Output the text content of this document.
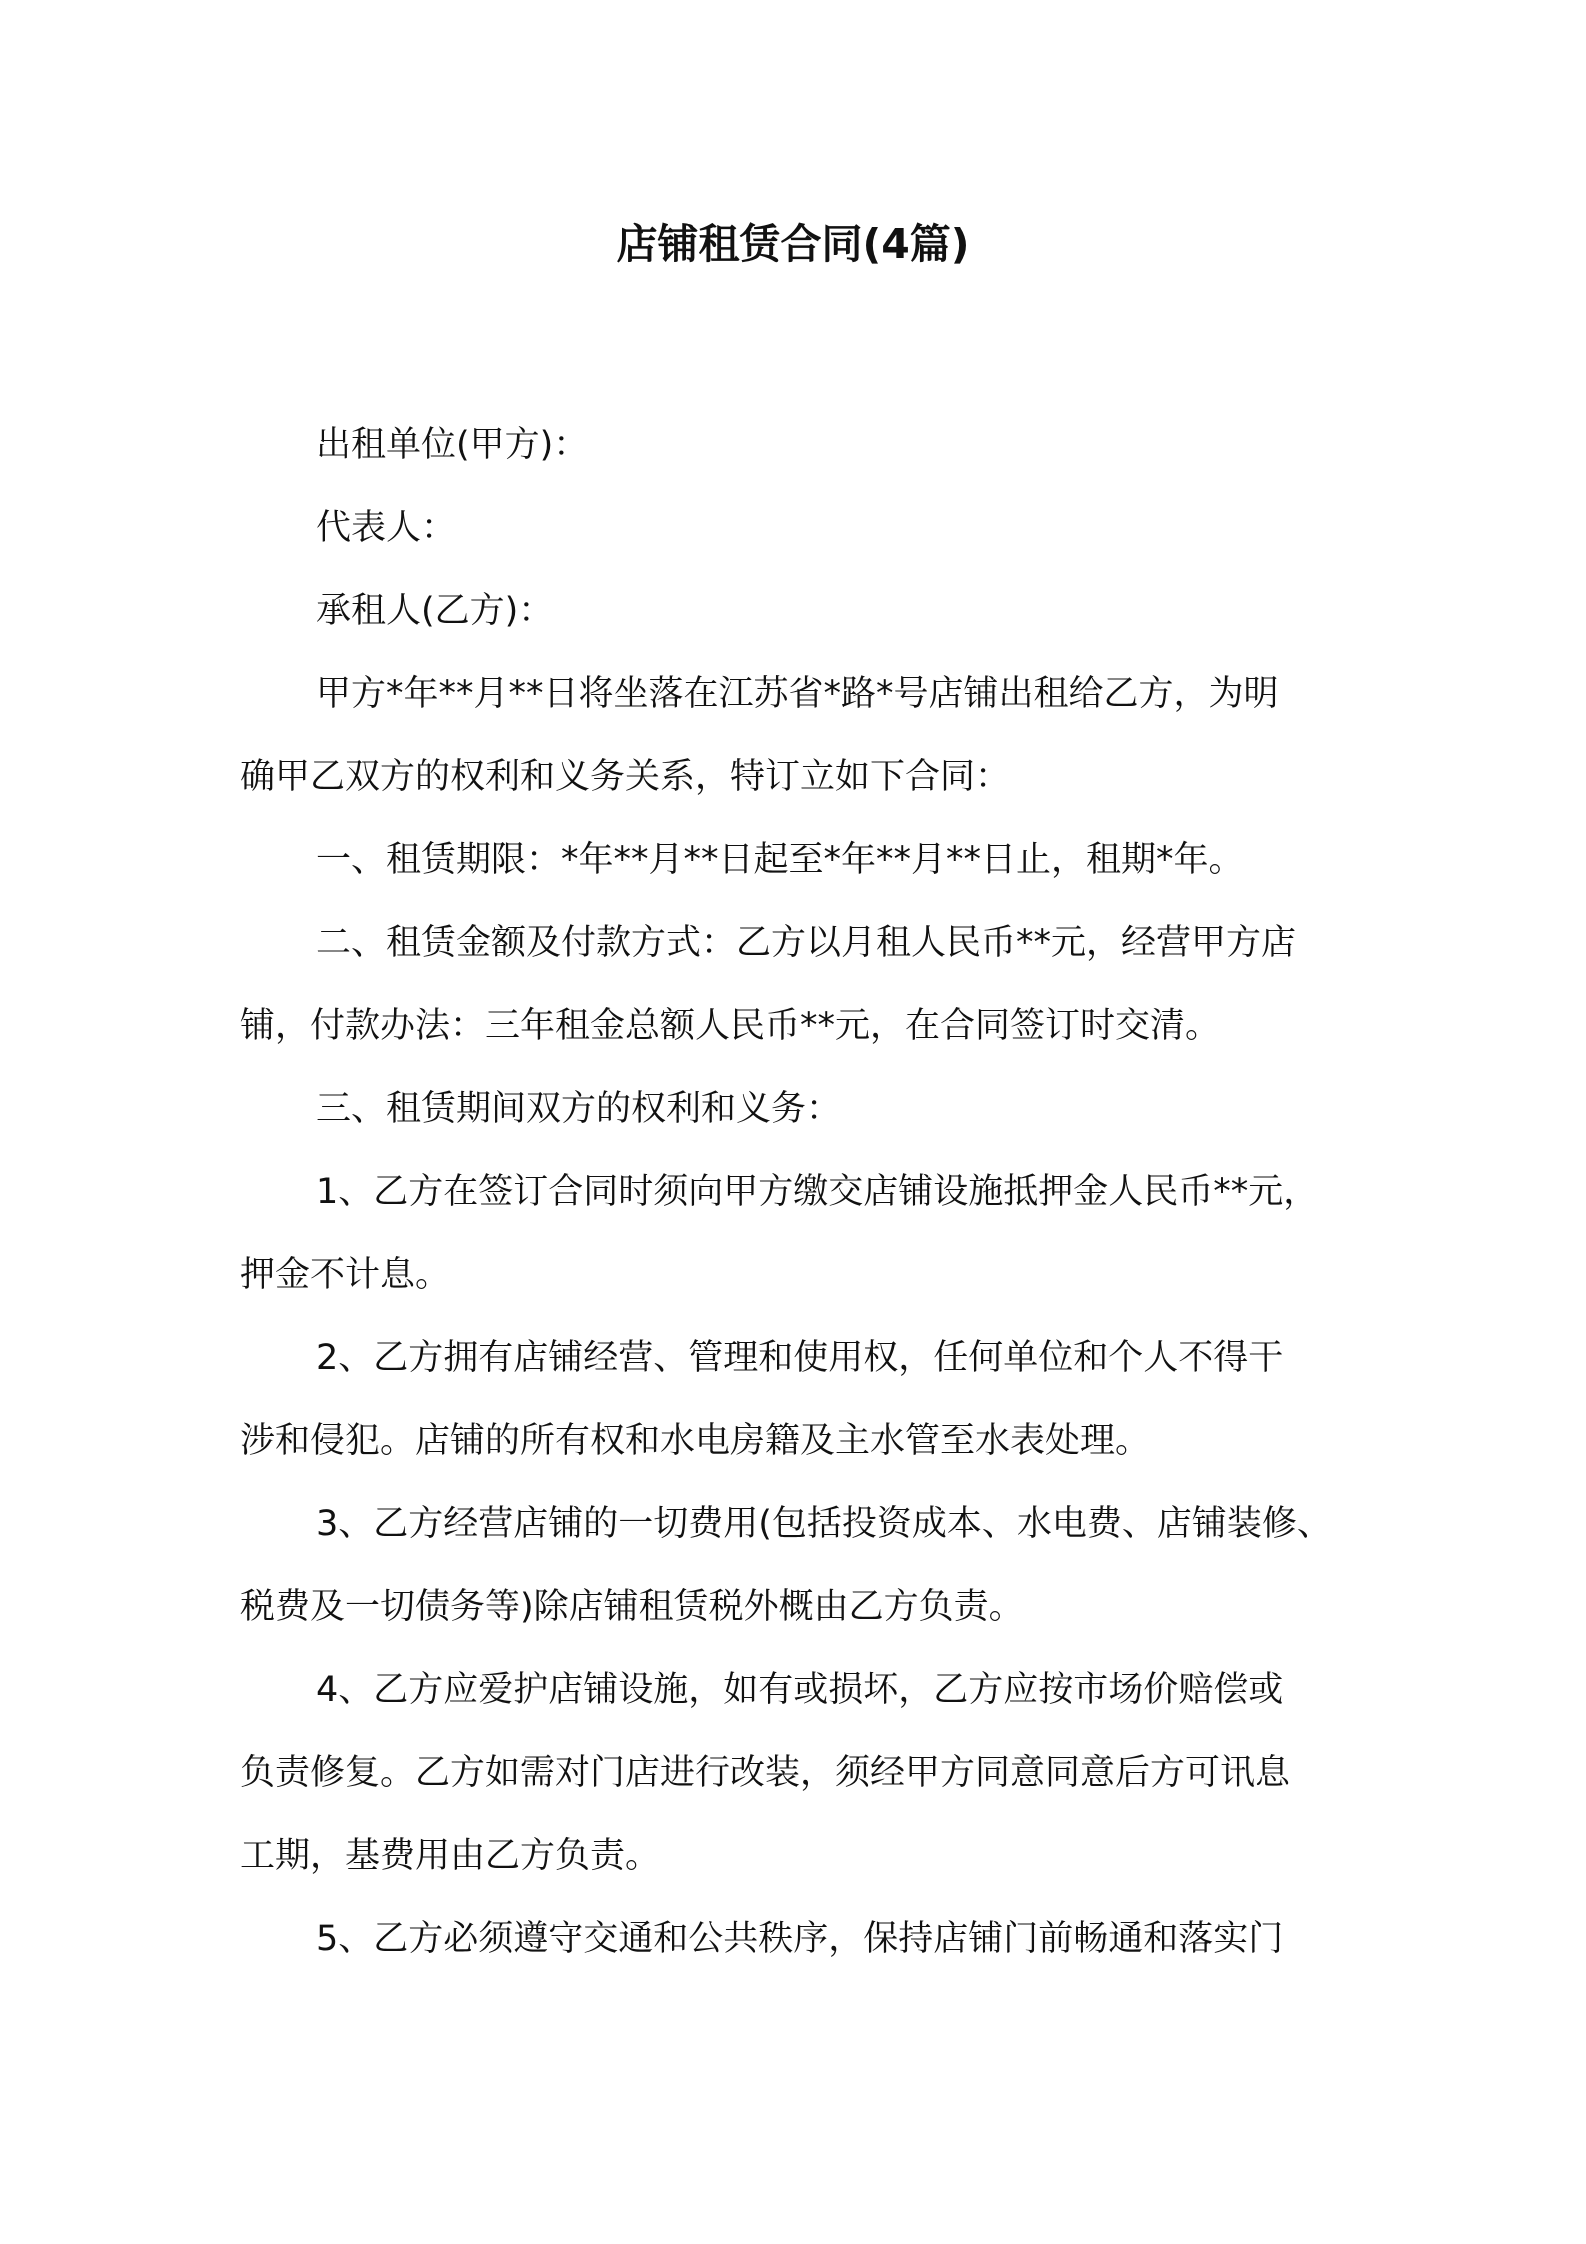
店铺租赁合同(4篇)
出租单位(甲方)：
代表人：
承租人(乙方)：
甲方*年**月**日将坐落在江苏省*路*号店铺出租给乙方，为明
确甲乙双方的权利和义务关系，特订立如下合同：
一、租赁期限：*年**月**日起至*年**月**日止，租期*年。
二、租赁金额及付款方式：乙方以月租人民币**元，经营甲方店
铺，付款办法：三年租金总额人民币**元，在合同签订时交清。
三、租赁期间双方的权利和义务：
1、乙方在签订合同时须向甲方缴交店铺设施抵押金人民币**元，
押金不计息。
2、乙方拥有店铺经营、管理和使用权，任何单位和个人不得干
涉和侵犯。店铺的所有权和水电房籍及主水管至水表处理。
3、乙方经营店铺的一切费用(包括投资成本、水电费、店铺装修、
税费及一切债务等)除店铺租赁税外概由乙方负责。
4、乙方应爱护店铺设施，如有或损坏，乙方应按市场价赔偿或
负责修复。乙方如需对门店进行改装，须经甲方同意同意后方可讯息
工期，基费用由乙方负责。
5、乙方必须遵守交通和公共秩序，保持店铺门前畅通和落实门
